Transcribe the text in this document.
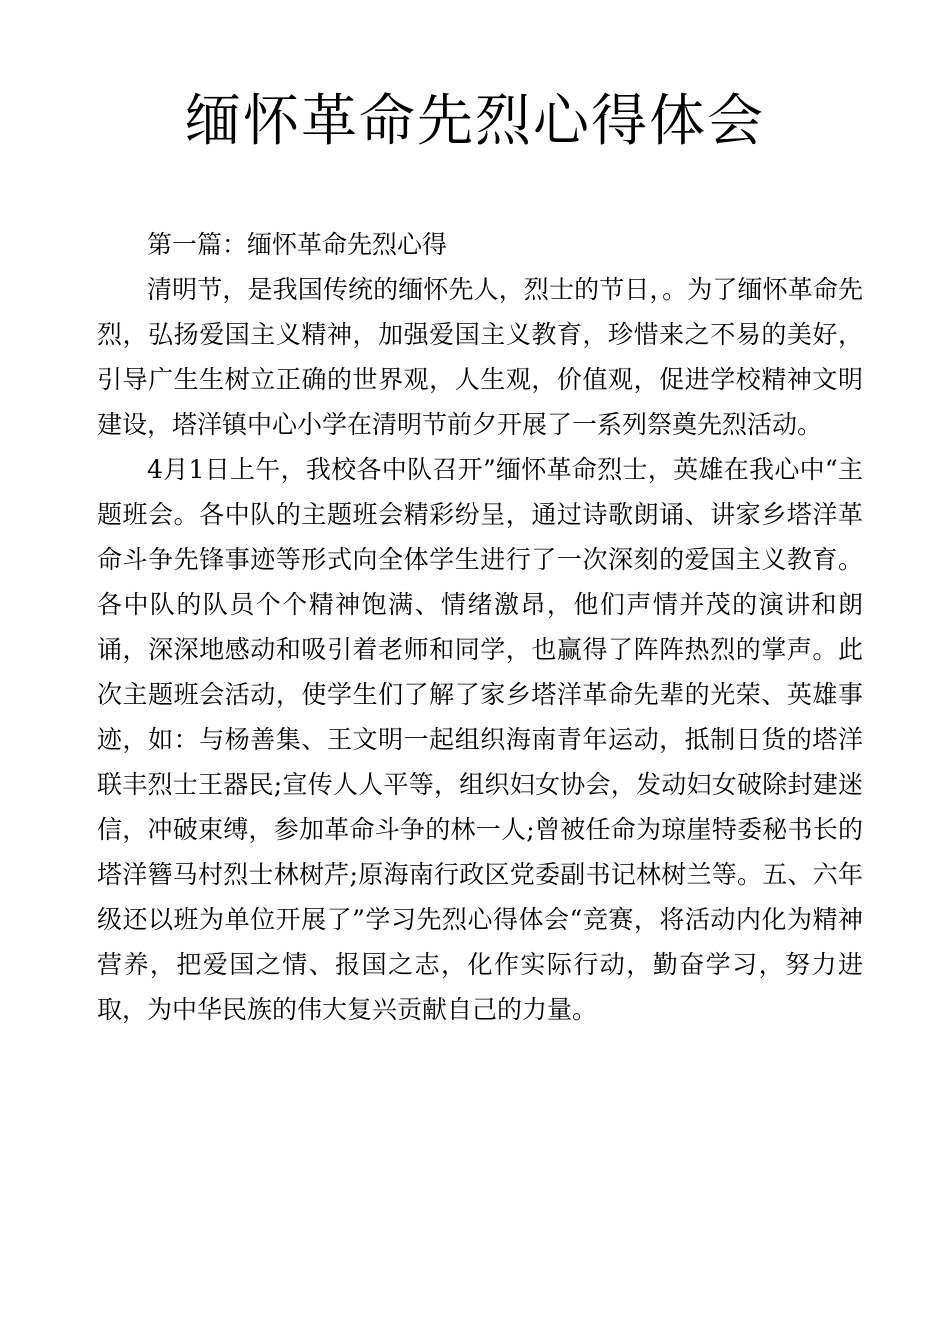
缅怀革命先烈心得体会

第一篇：缅怀革命先烈心得

清明节，是我国传统的缅怀先人，烈士的节日，。为了缅怀革命先烈，弘扬爱国主义精神，加强爱国主义教育，珍惜来之不易的美好，引导广生生树立正确的世界观，人生观，价值观，促进学校精神文明建设，塔洋镇中心小学在清明节前夕开展了一系列祭奠先烈活动。

4月1日上午，我校各中队召开”缅怀革命烈士，英雄在我心中“主题班会。各中队的主题班会精彩纷呈，通过诗歌朗诵、讲家乡塔洋革命斗争先锋事迹等形式向全体学生进行了一次深刻的爱国主义教育。各中队的队员个个精神饱满、情绪激昂，他们声情并茂的演讲和朗诵，深深地感动和吸引着老师和同学，也赢得了阵阵热烈的掌声。此次主题班会活动，使学生们了解了家乡塔洋革命先辈的光荣、英雄事迹，如：与杨善集、王文明一起组织海南青年运动，抵制日货的塔洋联丰烈士王器民;宣传人人平等，组织妇女协会，发动妇女破除封建迷信，冲破束缚，参加革命斗争的林一人;曾被任命为琼崖特委秘书长的塔洋簪马村烈士林树芹;原海南行政区党委副书记林树兰等。五、六年级还以班为单位开展了”学习先烈心得体会“竞赛，将活动内化为精神营养，把爱国之情、报国之志，化作实际行动，勤奋学习，努力进取，为中华民族的伟大复兴贡献自己的力量。
